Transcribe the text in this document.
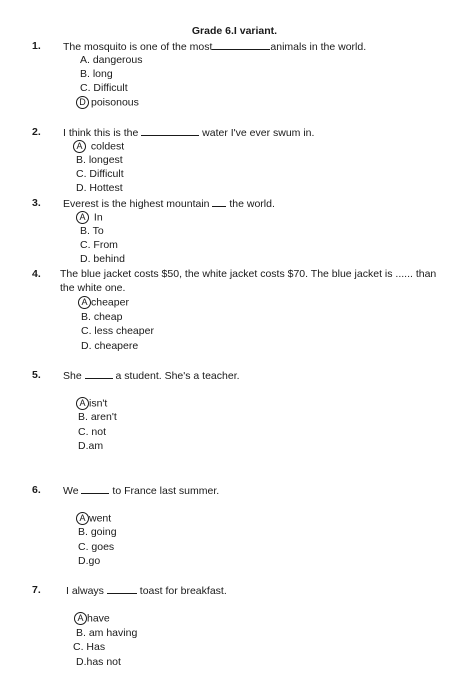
Grade 6.I variant.
1. The mosquito is one of the most	animals in the world.
A. dangerous
B. long
C. Difficult
D poisonous
2. I think this is the	water I've ever swum in.
A coldest
B. longest
C. Difficult
D. Hottest
3. Everest is the highest mountain the world.
A In
B. To
C. From
D. behind
4. The blue jacket costs $50, the white jacket costs $70. The blue jacket is ...... than
the white one.
A cheaper
B. cheap
C. less cheaper
D. cheapere
5. She	a student. She's a teacher.
A isn't
B. aren't
C. not
D.am
6. We	to France last summer.
A went
B. going
C. goes
D.go
7. I always	toast for breakfast.
A have
B. am having
C. Has
D.has not
